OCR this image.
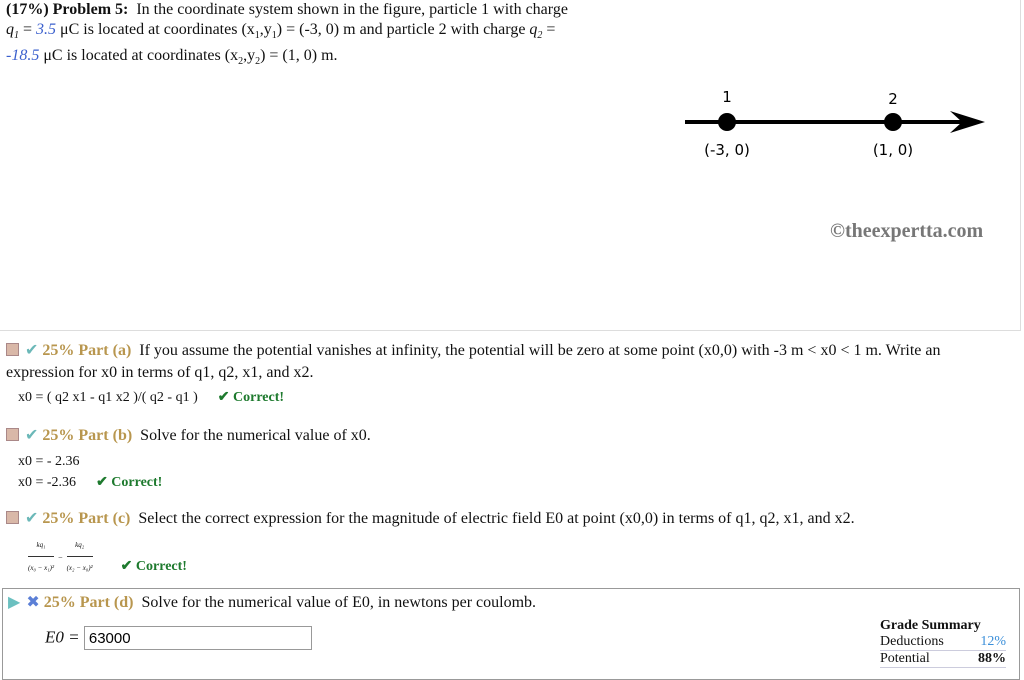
(17%) Problem 5: In the coordinate system shown in the figure, particle 1 with charge
$q_1 = 3.5$ μC is located at coordinates $(x_1,y_1) = (-3$, 0) m and particle 2 with charge $q_2$ =
-18.5 μC is located at coordinates $(x_2,y_2) = (1$, 0) m.
1	2
(-3, 0)	(1, 0)
©theexpertta.com
✔ 25% Part (a) If you assume the potential vanishes at infinity, the potential will be zero at some point (x0,0) with -3 m < x0 < 1 m. Write an expression for x0 in terms of q1, q2, x1, and x2.
x0 = ( q2 x1 - q1 x2 )/( q2 - q1 ) ✔ Correct!
✔ 25% Part (b) Solve for the numerical value of x0.
x0 = - 2.36
x0 = -2.36 ✔ Correct!
✔ 25% Part (c) Select the correct expression for the magnitude of electric field E0 at point (x0,0) in terms of q1, q2, x1, and x2.
$\frac{\text{kq₁}}{\text{(x₀ − x₁)²}} - \frac{\text{kq₂}}{\text{(x₂ − x₀)²}}$ ✔ Correct!
▶ ✖ 25% Part (d) Solve for the numerical value of E0, in newtons per coulomb.
E0 = 63000
Grade Summary
Deductions	12%
Potential	88%
